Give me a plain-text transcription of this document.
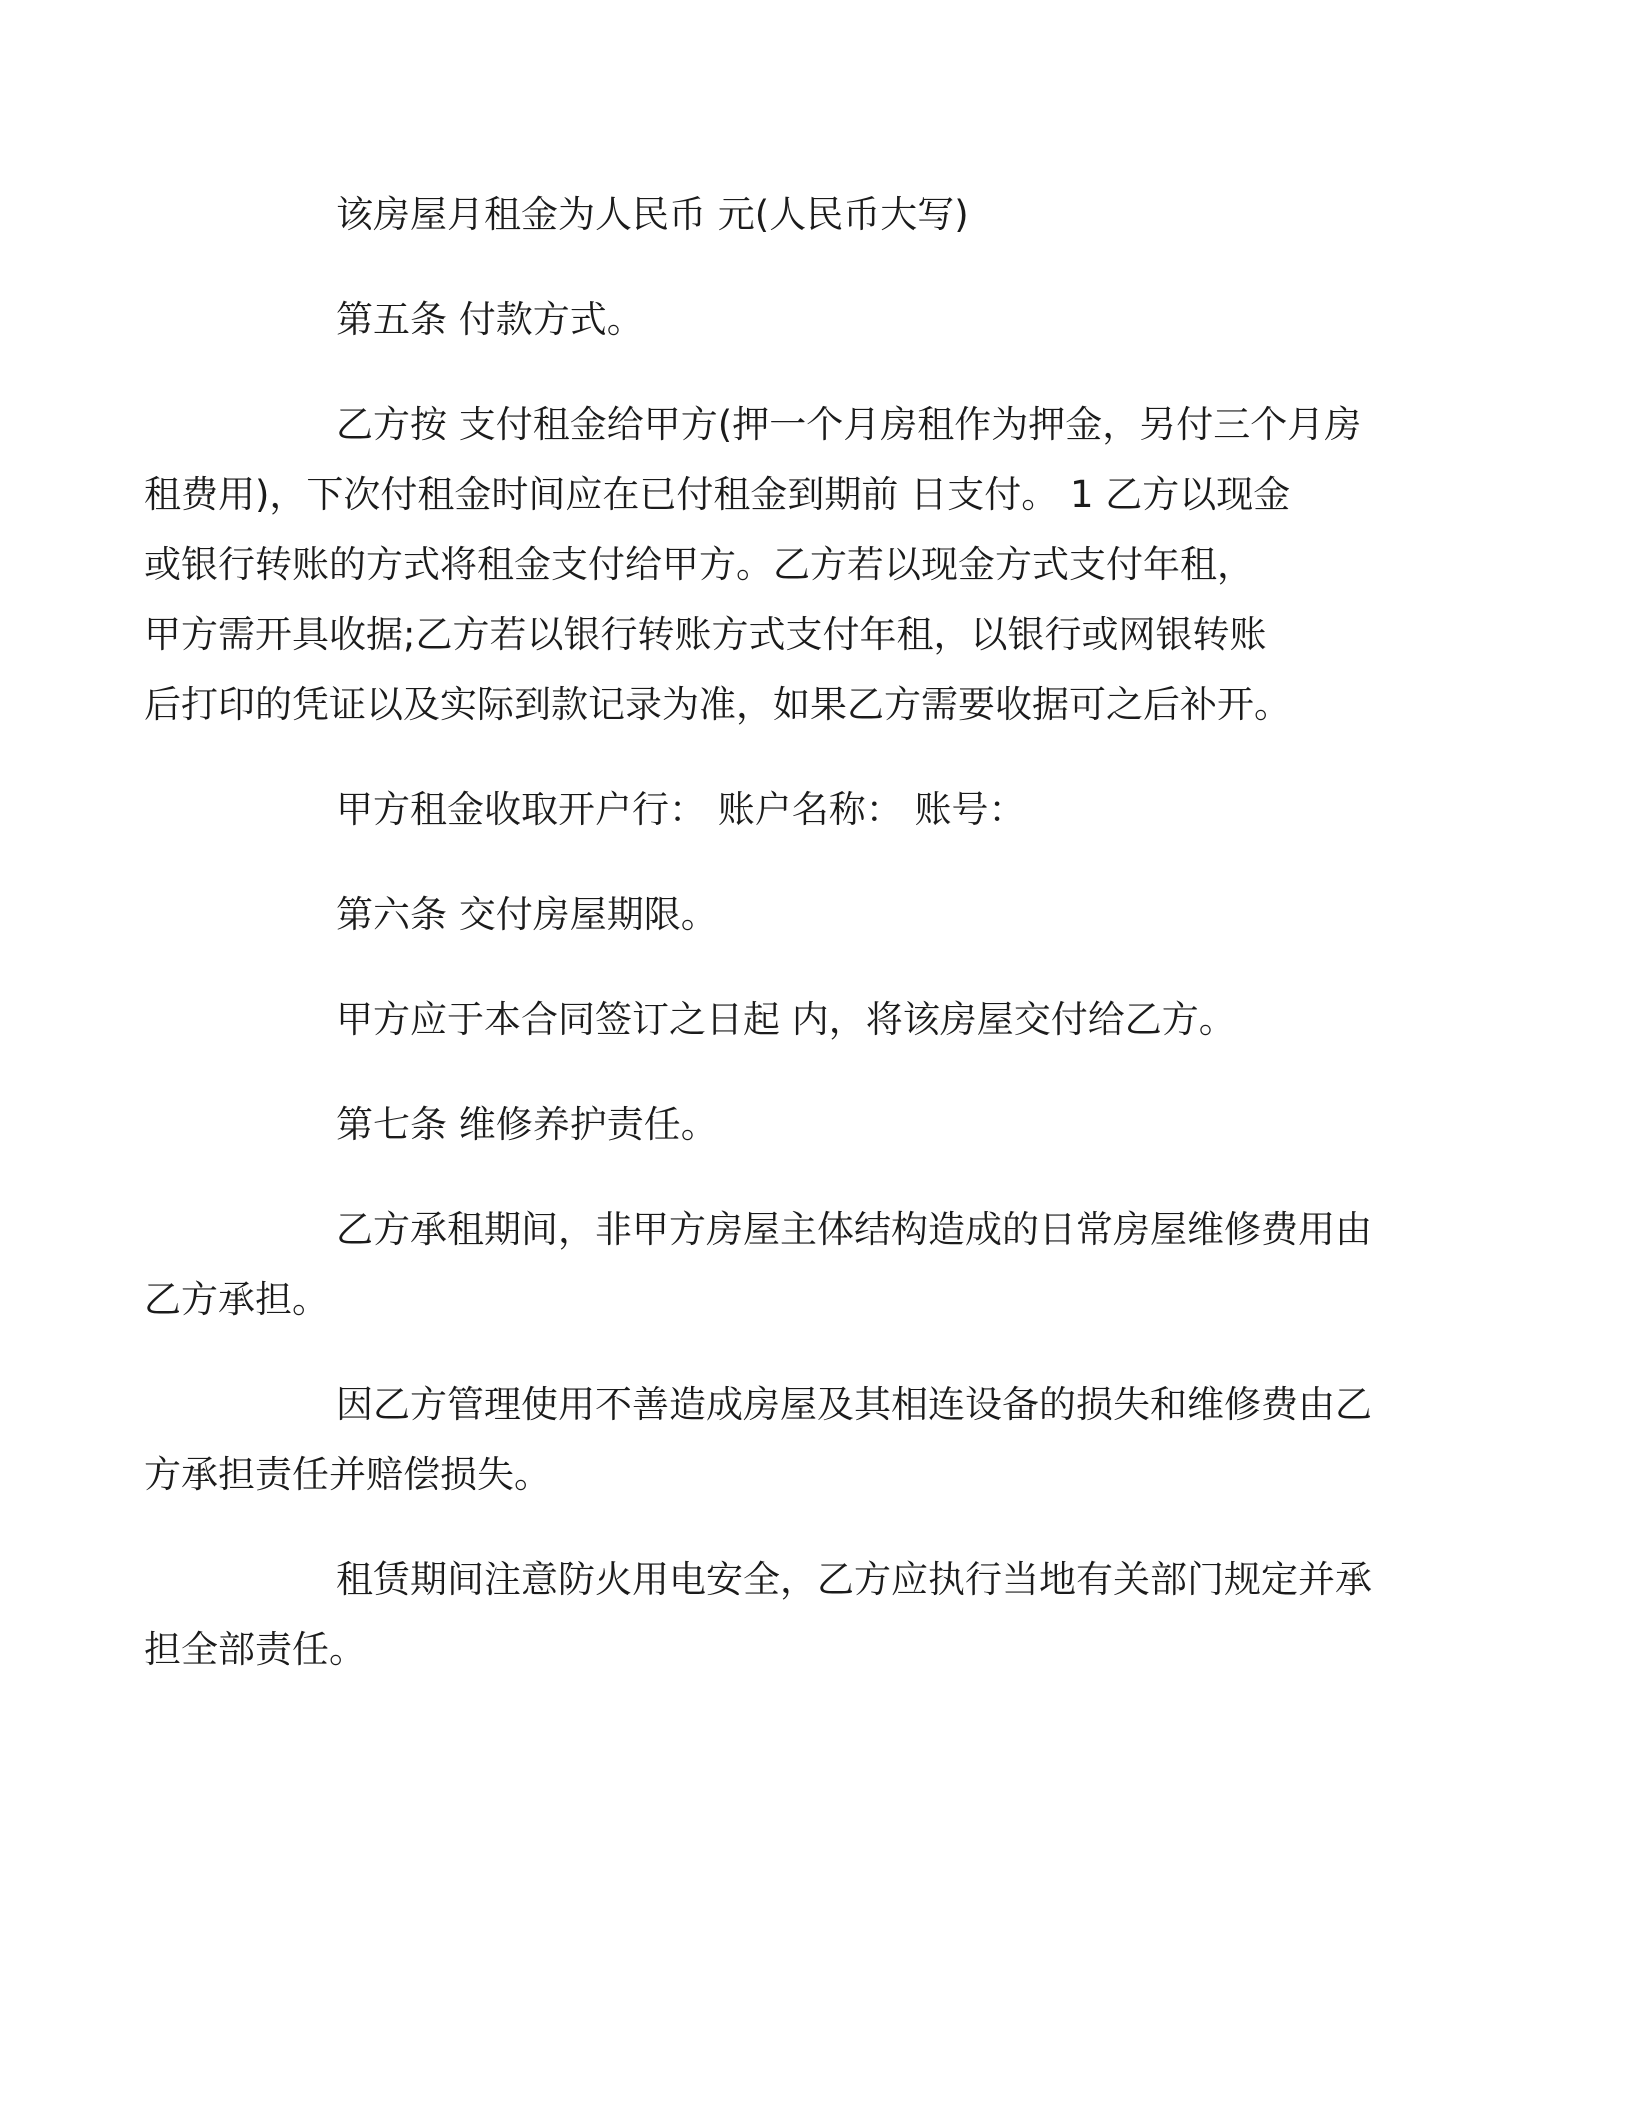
该房屋月租金为人民币 元(人民币大写)

第五条 付款方式。

乙方按 支付租金给甲方(押一个月房租作为押金，另付三个月房
租费用)，下次付租金时间应在已付租金到期前 日支付。 1 乙方以现金
或银行转账的方式将租金支付给甲方。乙方若以现金方式支付年租，
甲方需开具收据;乙方若以银行转账方式支付年租，以银行或网银转账
后打印的凭证以及实际到款记录为准，如果乙方需要收据可之后补开。

甲方租金收取开户行： 账户名称： 账号：

第六条 交付房屋期限。

甲方应于本合同签订之日起 内，将该房屋交付给乙方。

第七条 维修养护责任。

乙方承租期间，非甲方房屋主体结构造成的日常房屋维修费用由
乙方承担。

因乙方管理使用不善造成房屋及其相连设备的损失和维修费由乙
方承担责任并赔偿损失。

租赁期间注意防火用电安全，乙方应执行当地有关部门规定并承
担全部责任。
